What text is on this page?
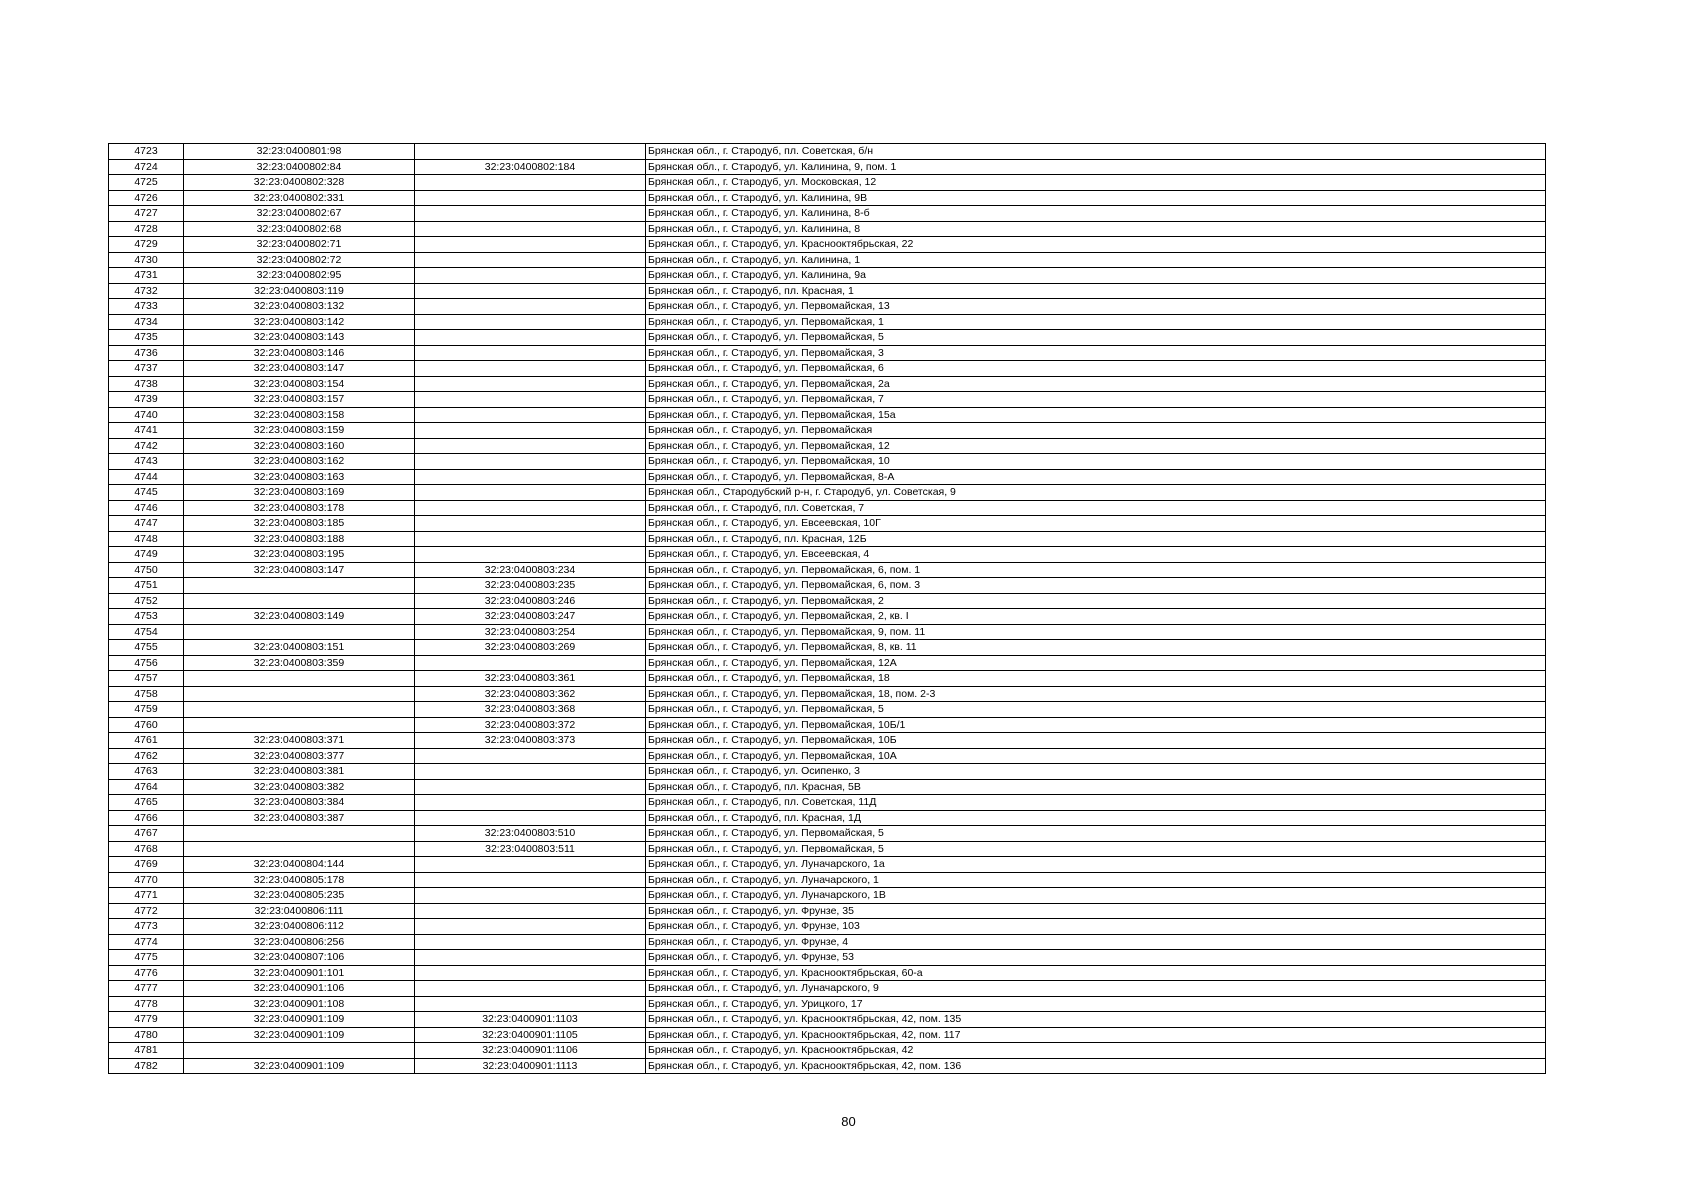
4723	32:23:0400801:98		Брянская обл., г. Стародуб, пл. Советская, б/н
4724	32:23:0400802:84	32:23:0400802:184	Брянская обл., г. Стародуб, ул. Калинина, 9, пом. 1
4725	32:23:0400802:328		Брянская обл., г. Стародуб, ул. Московская, 12
4726	32:23:0400802:331		Брянская обл., г. Стародуб, ул. Калинина, 9В
4727	32:23:0400802:67		Брянская обл., г. Стародуб, ул. Калинина, 8-б
4728	32:23:0400802:68		Брянская обл., г. Стародуб, ул. Калинина, 8
4729	32:23:0400802:71		Брянская обл., г. Стародуб, ул. Краснооктябрьская, 22
4730	32:23:0400802:72		Брянская обл., г. Стародуб, ул. Калинина, 1
4731	32:23:0400802:95		Брянская обл., г. Стародуб, ул. Калинина, 9а
4732	32:23:0400803:119		Брянская обл., г. Стародуб, пл. Красная, 1
4733	32:23:0400803:132		Брянская обл., г. Стародуб, ул. Первомайская, 13
4734	32:23:0400803:142		Брянская обл., г. Стародуб, ул. Первомайская, 1
4735	32:23:0400803:143		Брянская обл., г. Стародуб, ул. Первомайская, 5
4736	32:23:0400803:146		Брянская обл., г. Стародуб, ул. Первомайская, 3
4737	32:23:0400803:147		Брянская обл., г. Стародуб, ул. Первомайская, 6
4738	32:23:0400803:154		Брянская обл., г. Стародуб, ул. Первомайская, 2а
4739	32:23:0400803:157		Брянская обл., г. Стародуб, ул. Первомайская, 7
4740	32:23:0400803:158		Брянская обл., г. Стародуб, ул. Первомайская, 15а
4741	32:23:0400803:159		Брянская обл., г. Стародуб, ул. Первомайская
4742	32:23:0400803:160		Брянская обл., г. Стародуб, ул. Первомайская, 12
4743	32:23:0400803:162		Брянская обл., г. Стародуб, ул. Первомайская, 10
4744	32:23:0400803:163		Брянская обл., г. Стародуб, ул. Первомайская, 8-А
4745	32:23:0400803:169		Брянская обл., Стародубский р-н, г. Стародуб, ул. Советская, 9
4746	32:23:0400803:178		Брянская обл., г. Стародуб, пл. Советская, 7
4747	32:23:0400803:185		Брянская обл., г. Стародуб, ул. Евсеевская, 10Г
4748	32:23:0400803:188		Брянская обл., г. Стародуб, пл. Красная, 12Б
4749	32:23:0400803:195		Брянская обл., г. Стародуб, ул. Евсеевская, 4
4750	32:23:0400803:147	32:23:0400803:234	Брянская обл., г. Стародуб, ул. Первомайская, 6, пом. 1
4751		32:23:0400803:235	Брянская обл., г. Стародуб, ул. Первомайская, 6, пом. 3
4752		32:23:0400803:246	Брянская обл., г. Стародуб, ул. Первомайская, 2
4753	32:23:0400803:149	32:23:0400803:247	Брянская обл., г. Стародуб, ул. Первомайская, 2, кв. I
4754		32:23:0400803:254	Брянская обл., г. Стародуб, ул. Первомайская, 9, пом. 11
4755	32:23:0400803:151	32:23:0400803:269	Брянская обл., г. Стародуб, ул. Первомайская, 8, кв. 11
4756	32:23:0400803:359		Брянская обл., г. Стародуб, ул. Первомайская, 12А
4757		32:23:0400803:361	Брянская обл., г. Стародуб, ул. Первомайская, 18
4758		32:23:0400803:362	Брянская обл., г. Стародуб, ул. Первомайская, 18, пом. 2-3
4759		32:23:0400803:368	Брянская обл., г. Стародуб, ул. Первомайская, 5
4760		32:23:0400803:372	Брянская обл., г. Стародуб, ул. Первомайская, 10Б/1
4761	32:23:0400803:371	32:23:0400803:373	Брянская обл., г. Стародуб, ул. Первомайская, 10Б
4762	32:23:0400803:377		Брянская обл., г. Стародуб, ул. Первомайская, 10А
4763	32:23:0400803:381		Брянская обл., г. Стародуб, ул. Осипенко, 3
4764	32:23:0400803:382		Брянская обл., г. Стародуб, пл. Красная, 5В
4765	32:23:0400803:384		Брянская обл., г. Стародуб, пл. Советская, 11Д
4766	32:23:0400803:387		Брянская обл., г. Стародуб, пл. Красная, 1Д
4767		32:23:0400803:510	Брянская обл., г. Стародуб, ул. Первомайская, 5
4768		32:23:0400803:511	Брянская обл., г. Стародуб, ул. Первомайская, 5
4769	32:23:0400804:144		Брянская обл., г. Стародуб, ул. Луначарского, 1а
4770	32:23:0400805:178		Брянская обл., г. Стародуб, ул. Луначарского, 1
4771	32:23:0400805:235		Брянская обл., г. Стародуб, ул. Луначарского, 1В
4772	32:23:0400806:111		Брянская обл., г. Стародуб, ул. Фрунзе, 35
4773	32:23:0400806:112		Брянская обл., г. Стародуб, ул. Фрунзе, 103
4774	32:23:0400806:256		Брянская обл., г. Стародуб, ул. Фрунзе, 4
4775	32:23:0400807:106		Брянская обл., г. Стародуб, ул. Фрунзе, 53
4776	32:23:0400901:101		Брянская обл., г. Стародуб, ул. Краснооктябрьская, 60-а
4777	32:23:0400901:106		Брянская обл., г. Стародуб, ул. Луначарского, 9
4778	32:23:0400901:108		Брянская обл., г. Стародуб, ул. Урицкого, 17
4779	32:23:0400901:109	32:23:0400901:1103	Брянская обл., г. Стародуб, ул. Краснооктябрьская, 42, пом. 135
4780	32:23:0400901:109	32:23:0400901:1105	Брянская обл., г. Стародуб, ул. Краснооктябрьская, 42, пом. 117
4781		32:23:0400901:1106	Брянская обл., г. Стародуб, ул. Краснооктябрьская, 42
4782	32:23:0400901:109	32:23:0400901:1113	Брянская обл., г. Стародуб, ул. Краснооктябрьская, 42, пом. 136
80
